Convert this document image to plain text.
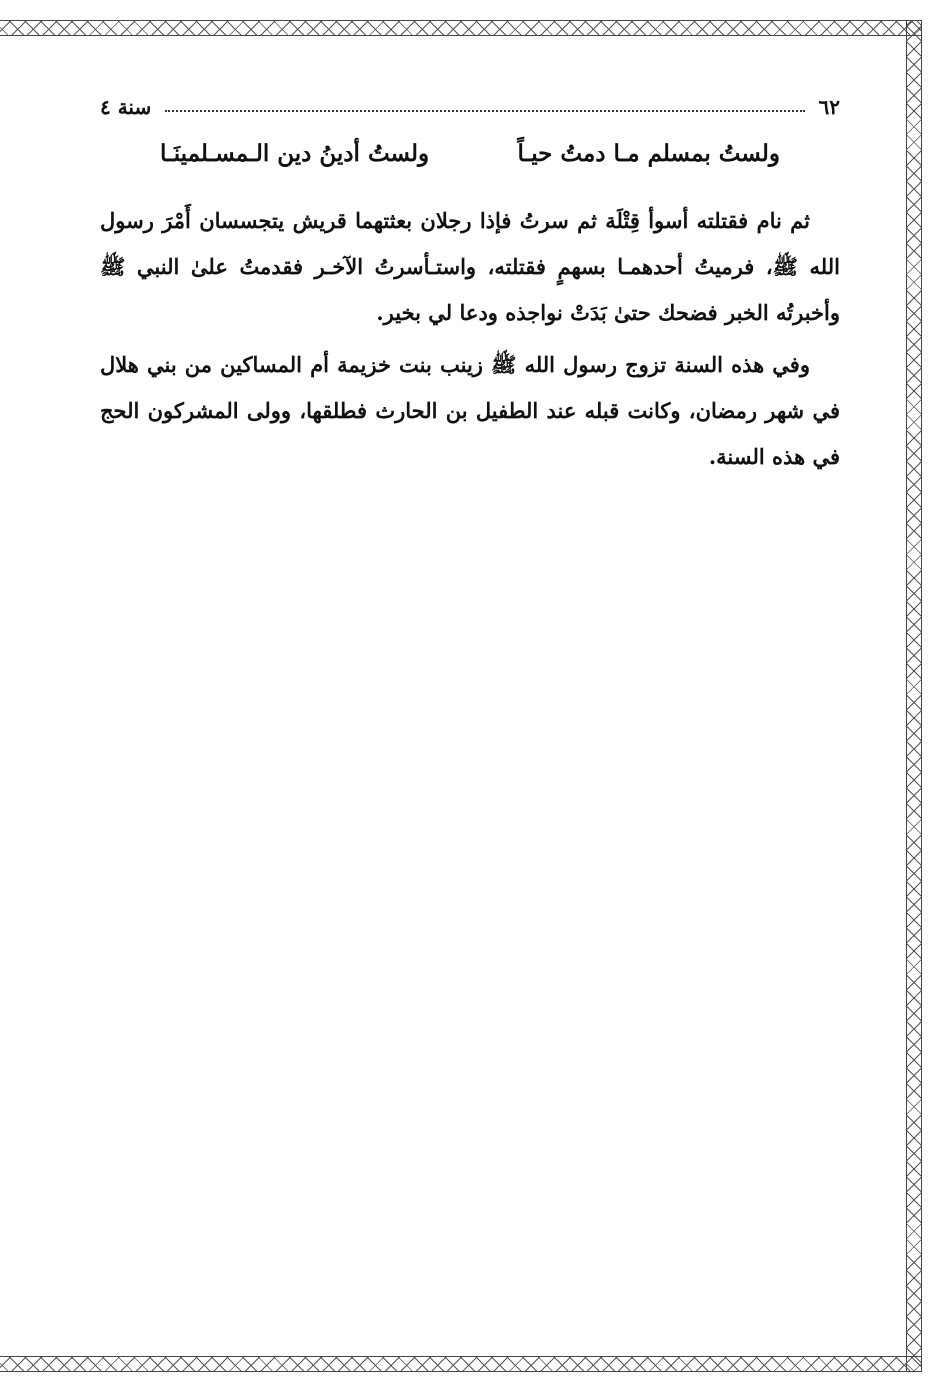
٦٢
سنة ٤
ولستُ بمسلم مـا دمتُ حيـاً
ولستُ أدينُ دين الـمسـلمينَـا

ثم نام فقتلته أسوأ قِتْلَة ثم سرتُ فإذا رجلان بعثتهما قريش يتجسسان أَمْرَ رسول الله ﷺ، فرميتُ أحدهمـا بسهمٍ فقتلته، واستـأسرتُ الآخـر فقدمتُ علىٰ النبي ﷺ وأخبرتُه الخبر فضحك حتىٰ بَدَتْ نواجذه ودعا لي بخير.

وفي هذه السنة تزوج رسول الله ﷺ زينب بنت خزيمة أم المساكين من بني هلال في شهر رمضان، وكانت قبله عند الطفيل بن الحارث فطلقها، وولى المشركون الحج في هذه السنة.
